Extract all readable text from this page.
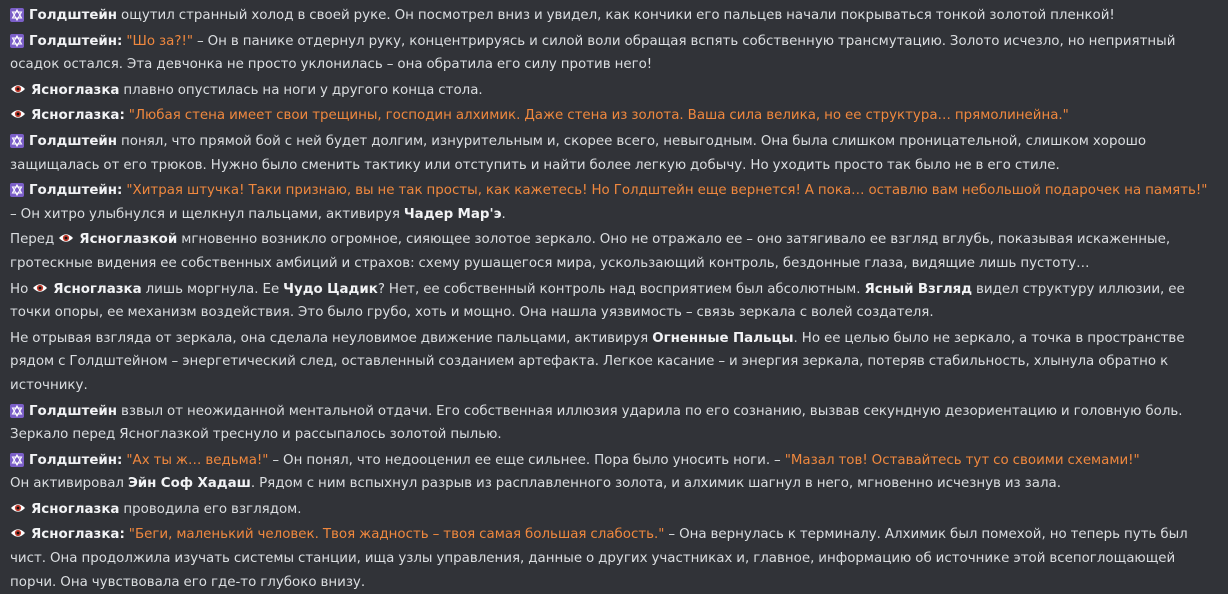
Голдштейн ощутил странный холод в своей руке. Он посмотрел вниз и увидел, как кончики его пальцев начали покрываться тонкой золотой пленкой!

Голдштейн: "Шо за?!" – Он в панике отдернул руку, концентрируясь и силой воли обращая вспять собственную трансмутацию. Золото исчезло, но неприятный осадок остался. Эта девчонка не просто уклонилась – она обратила его силу против него!

Ясноглазка плавно опустилась на ноги у другого конца стола.

Ясноглазка: "Любая стена имеет свои трещины, господин алхимик. Даже стена из золота. Ваша сила велика, но ее структура… прямолинейна."

Голдштейн понял, что прямой бой с ней будет долгим, изнурительным и, скорее всего, невыгодным. Она была слишком проницательной, слишком хорошо защищалась от его трюков. Нужно было сменить тактику или отступить и найти более легкую добычу. Но уходить просто так было не в его стиле.

Голдштейн: "Хитрая штучка! Таки признаю, вы не так просты, как кажетесь! Но Голдштейн еще вернется! А пока… оставлю вам небольшой подарочек на память!" – Он хитро улыбнулся и щелкнул пальцами, активируя Чадер Мар'э.

Перед Ясноглазкой мгновенно возникло огромное, сияющее золотое зеркало. Оно не отражало ее – оно затягивало ее взгляд вглубь, показывая искаженные, гротескные видения ее собственных амбиций и страхов: схему рушащегося мира, ускользающий контроль, бездонные глаза, видящие лишь пустоту…

Но Ясноглазка лишь моргнула. Ее Чудо Цадик? Нет, ее собственный контроль над восприятием был абсолютным. Ясный Взгляд видел структуру иллюзии, ее точки опоры, ее механизм воздействия. Это было грубо, хоть и мощно. Она нашла уязвимость – связь зеркала с волей создателя.

Не отрывая взгляда от зеркала, она сделала неуловимое движение пальцами, активируя Огненные Пальцы. Но ее целью было не зеркало, а точка в пространстве рядом с Голдштейном – энергетический след, оставленный созданием артефакта. Легкое касание – и энергия зеркала, потеряв стабильность, хлынула обратно к источнику.

Голдштейн взвыл от неожиданной ментальной отдачи. Его собственная иллюзия ударила по его сознанию, вызвав секундную дезориентацию и головную боль. Зеркало перед Ясноглазкой треснуло и рассыпалось золотой пылью.

Голдштейн: "Ах ты ж… ведьма!" – Он понял, что недооценил ее еще сильнее. Пора было уносить ноги. – "Мазал тов! Оставайтесь тут со своими схемами!"

Он активировал Эйн Соф Хадаш. Рядом с ним вспыхнул разрыв из расплавленного золота, и алхимик шагнул в него, мгновенно исчезнув из зала.

Ясноглазка проводила его взглядом.

Ясноглазка: "Беги, маленький человек. Твоя жадность – твоя самая большая слабость." – Она вернулась к терминалу. Алхимик был помехой, но теперь путь был чист. Она продолжила изучать системы станции, ища узлы управления, данные о других участниках и, главное, информацию об источнике этой всепоглощающей порчи. Она чувствовала его где-то глубоко внизу.
